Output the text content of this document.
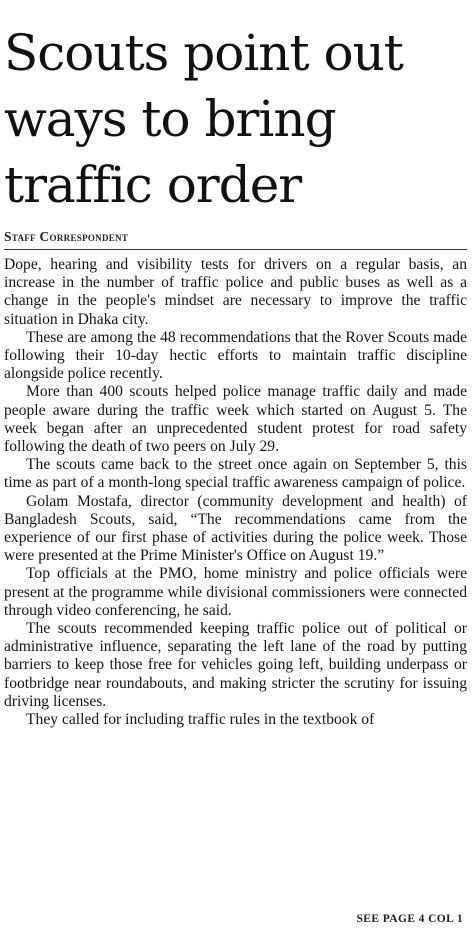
Scouts point out ways to bring traffic order
Staff Correspondent

Dope, hearing and visibility tests for drivers on a regular basis, an increase in the number of traffic police and public buses as well as a change in the people's mindset are necessary to improve the traffic situation in Dhaka city.

These are among the 48 recommendations that the Rover Scouts made following their 10-day hectic efforts to maintain traffic discipline alongside police recently.

More than 400 scouts helped police manage traffic daily and made people aware during the traffic week which started on August 5. The week began after an unprecedented student protest for road safety following the death of two peers on July 29.

The scouts came back to the street once again on September 5, this time as part of a month-long special traffic awareness campaign of police.

Golam Mostafa, director (community development and health) of Bangladesh Scouts, said, “The recommendations came from the experience of our first phase of activities during the police week. Those were presented at the Prime Minister's Office on August 19.”

Top officials at the PMO, home ministry and police officials were present at the programme while divisional commissioners were connected through video conferencing, he said.

The scouts recommended keeping traffic police out of political or administrative influence, separating the left lane of the road by putting barriers to keep those free for vehicles going left, building underpass or footbridge near roundabouts, and making stricter the scrutiny for issuing driving licenses.

They called for including traffic rules in the textbook of

SEE PAGE 4 COL 1
